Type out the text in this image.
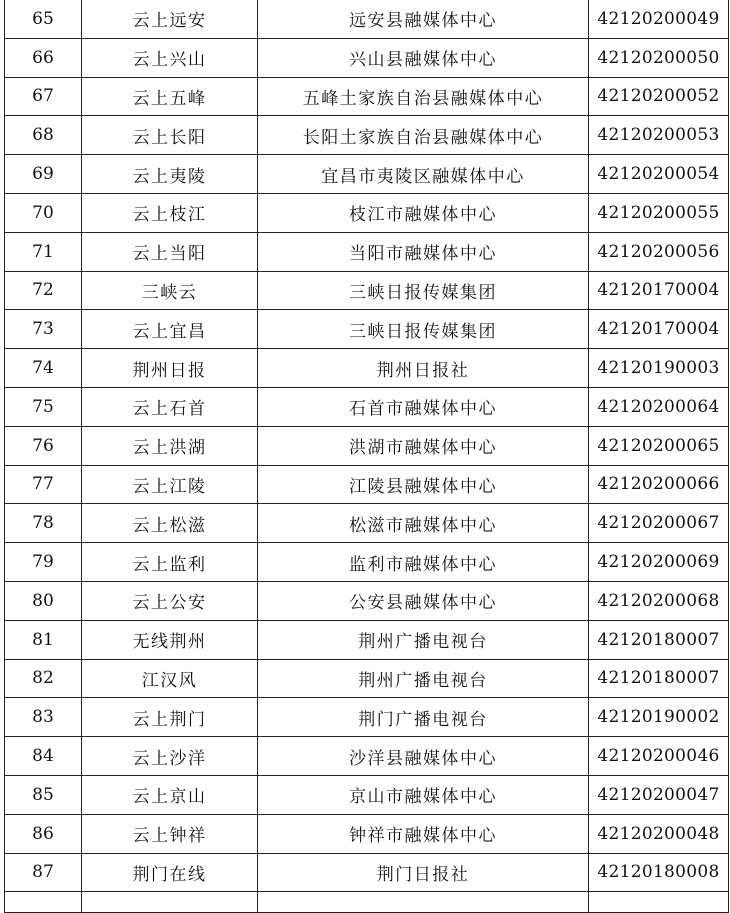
65	云上远安	远安县融媒体中心	42120200049
66	云上兴山	兴山县融媒体中心	42120200050
67	云上五峰	五峰土家族自治县融媒体中心	42120200052
68	云上长阳	长阳土家族自治县融媒体中心	42120200053
69	云上夷陵	宜昌市夷陵区融媒体中心	42120200054
70	云上枝江	枝江市融媒体中心	42120200055
71	云上当阳	当阳市融媒体中心	42120200056
72	三峡云	三峡日报传媒集团	42120170004
73	云上宜昌	三峡日报传媒集团	42120170004
74	荆州日报	荆州日报社	42120190003
75	云上石首	石首市融媒体中心	42120200064
76	云上洪湖	洪湖市融媒体中心	42120200065
77	云上江陵	江陵县融媒体中心	42120200066
78	云上松滋	松滋市融媒体中心	42120200067
79	云上监利	监利市融媒体中心	42120200069
80	云上公安	公安县融媒体中心	42120200068
81	无线荆州	荆州广播电视台	42120180007
82	江汉风	荆州广播电视台	42120180007
83	云上荆门	荆门广播电视台	42120190002
84	云上沙洋	沙洋县融媒体中心	42120200046
85	云上京山	京山市融媒体中心	42120200047
86	云上钟祥	钟祥市融媒体中心	42120200048
87	荆门在线	荆门日报社	42120180008
